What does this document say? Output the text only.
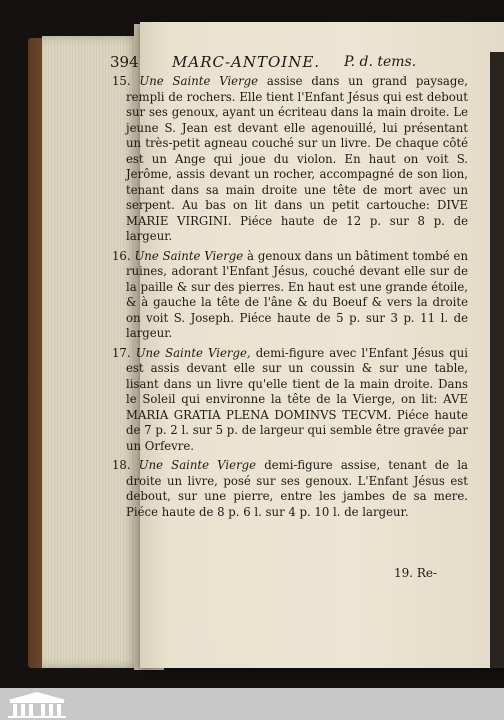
394 MARC-ANTOINE. P. d. tems.

15. Une Sainte Vierge assise dans un grand paysage, rempli de rochers. Elle tient l'Enfant Jésus qui est debout sur ses genoux, ayant un écriteau dans la main droite. Le jeune S. Jean est devant elle agenouillé, lui présentant un très-petit agneau couché sur un livre. De chaque côté est un Ange qui joue du violon. En haut on voit S. Jerôme, assis devant un rocher, accompagné de son lion, tenant dans sa main droite une tête de mort avec un serpent. Au bas on lit dans un petit cartouche: DIVE MARIE VIRGINI. Piéce haute de 12 p. sur 8 p. de largeur.

16. Une Sainte Vierge à genoux dans un bâtiment tombé en ruines, adorant l'Enfant Jésus, couché devant elle sur de la paille & sur des pierres. En haut est une grande étoile, & à gauche la tête de l'âne & du Boeuf & vers la droite on voit S. Joseph. Piéce haute de 5 p. sur 3 p. 11 l. de largeur.

17. Une Sainte Vierge, demi-figure avec l'Enfant Jésus qui est assis devant elle sur un coussin & sur une table, lisant dans un livre qu'elle tient de la main droite. Dans le Soleil qui environne la tête de la Vierge, on lit: AVE MARIA GRATIA PLENA DOMINVS TECVM. Piéce haute de 7 p. 2 l. sur 5 p. de largeur qui semble être gravée par un Orfevre.

18. Une Sainte Vierge demi-figure assise, tenant de la droite un livre, posé sur ses genoux. L'Enfant Jésus est debout, sur une pierre, entre les jambes de sa mere. Piéce haute de 8 p. 6 l. sur 4 p. 10 l. de largeur.

19. Re-
